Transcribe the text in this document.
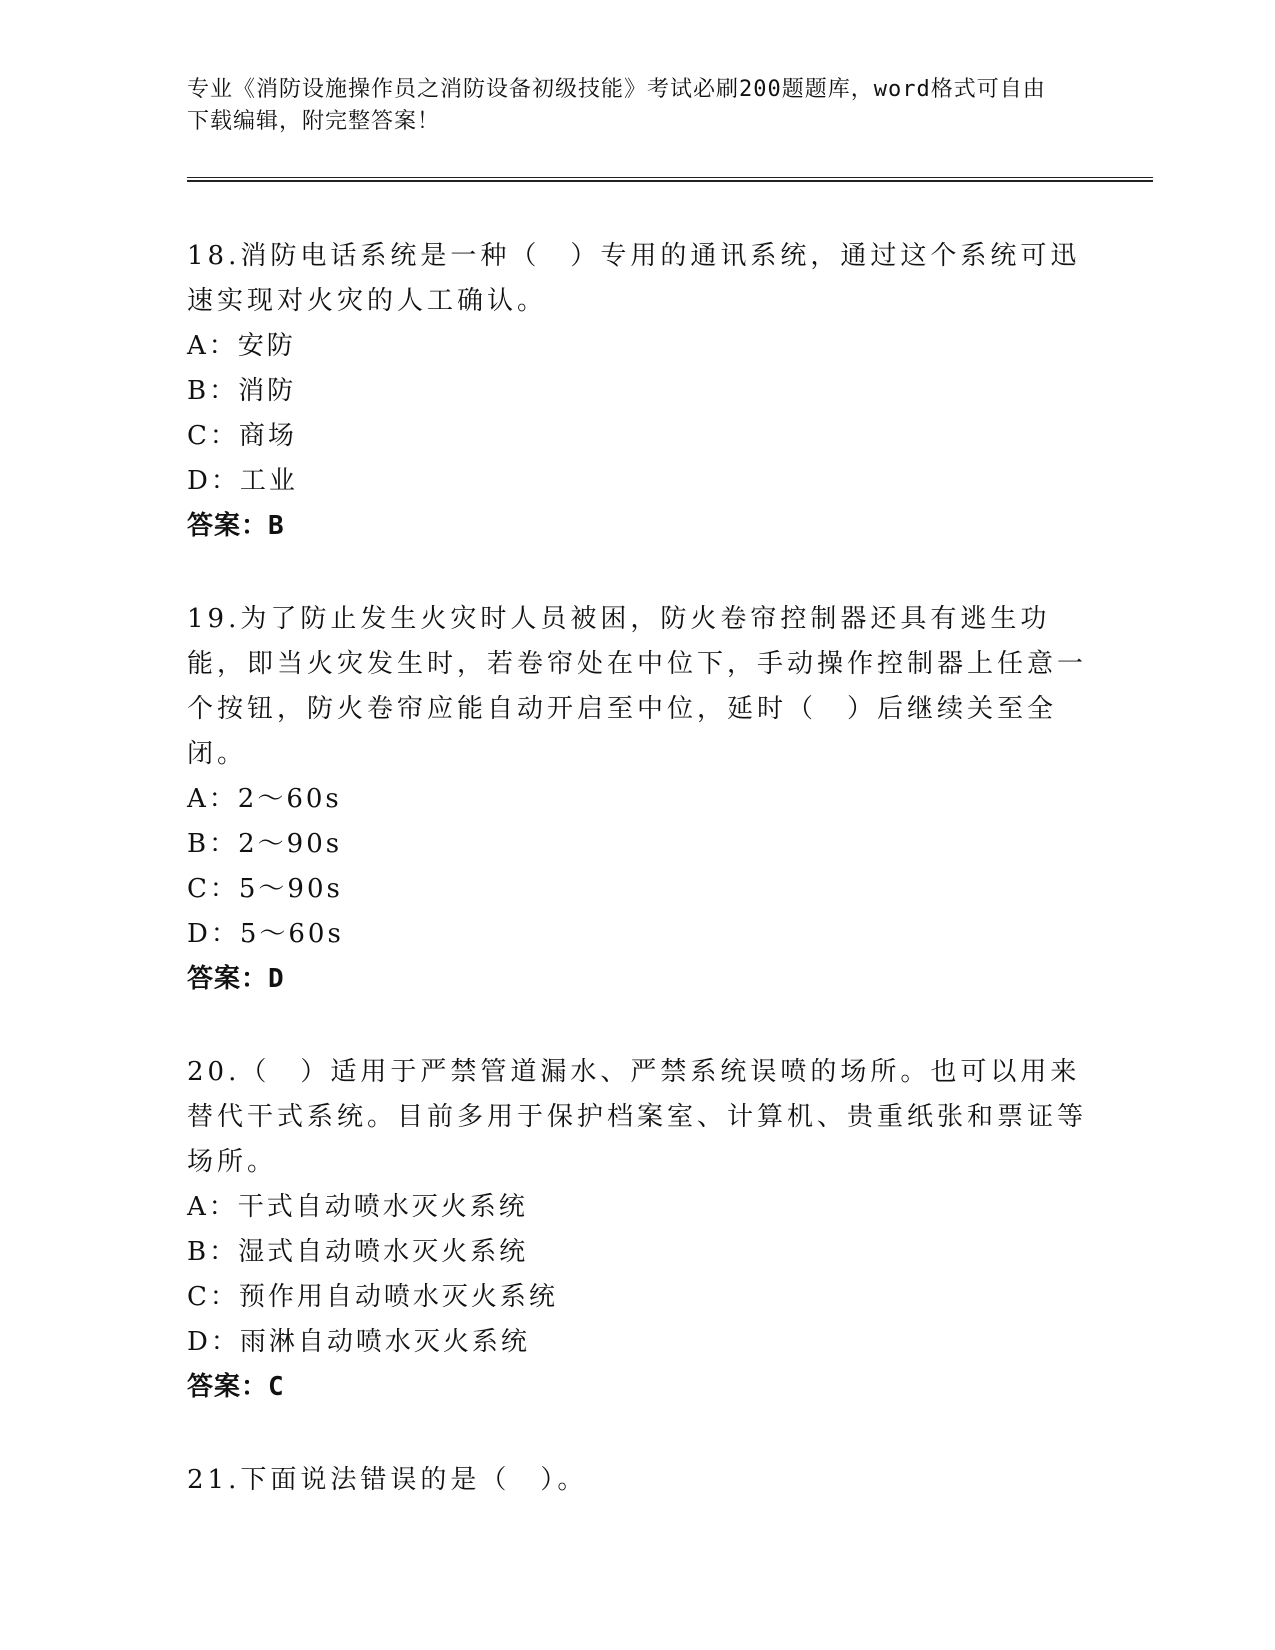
专业《消防设施操作员之消防设备初级技能》考试必刷200题题库，word格式可自由下载编辑，附完整答案！

18.消防电话系统是一种（　）专用的通讯系统，通过这个系统可迅速实现对火灾的人工确认。

A：安防

B：消防

C：商场

D：工业

答案：B

19.为了防止发生火灾时人员被困，防火卷帘控制器还具有逃生功能，即当火灾发生时，若卷帘处在中位下，手动操作控制器上任意一个按钮，防火卷帘应能自动开启至中位，延时（　）后继续关至全闭。

A：2～60s

B：2～90s

C：5～90s

D：5～60s

答案：D

20.（　）适用于严禁管道漏水、严禁系统误喷的场所。也可以用来替代干式系统。目前多用于保护档案室、计算机、贵重纸张和票证等场所。

A：干式自动喷水灭火系统

B：湿式自动喷水灭火系统

C：预作用自动喷水灭火系统

D：雨淋自动喷水灭火系统

答案：C

21.下面说法错误的是（　）。
